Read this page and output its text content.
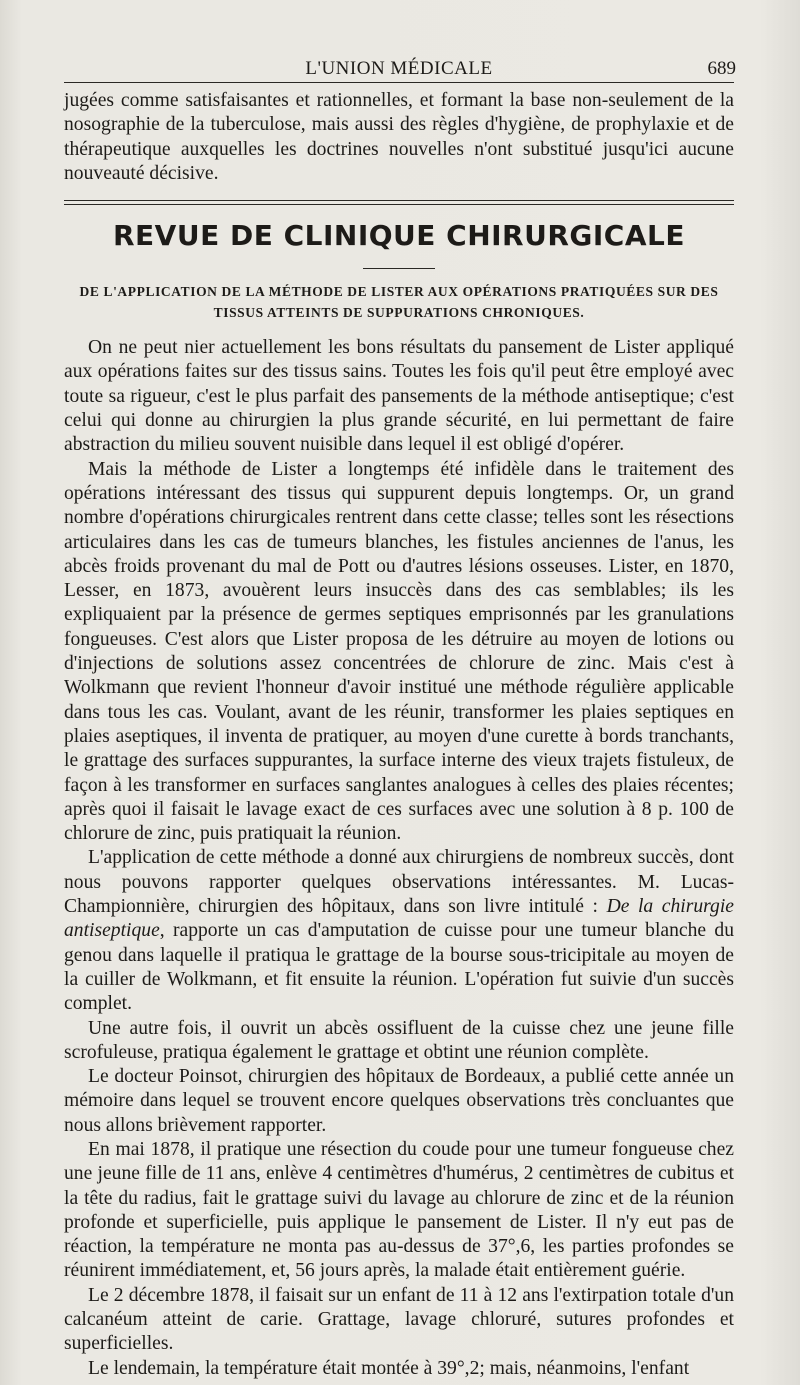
L'UNION MÉDICALE	689

jugées comme satisfaisantes et rationnelles, et formant la base non-seulement de la nosographie de la tuberculose, mais aussi des règles d'hygiène, de prophylaxie et de thérapeutique auxquelles les doctrines nouvelles n'ont substitué jusqu'ici aucune nouveauté décisive.

REVUE DE CLINIQUE CHIRURGICALE
DE L'APPLICATION DE LA MÉTHODE DE LISTER AUX OPÉRATIONS PRATIQUÉES SUR DES
TISSUS ATTEINTS DE SUPPURATIONS CHRONIQUES.

On ne peut nier actuellement les bons résultats du pansement de Lister appliqué aux opérations faites sur des tissus sains. Toutes les fois qu'il peut être employé avec toute sa rigueur, c'est le plus parfait des pansements de la méthode antiseptique; c'est celui qui donne au chirurgien la plus grande sécurité, en lui permettant de faire abstraction du milieu souvent nuisible dans lequel il est obligé d'opérer.

Mais la méthode de Lister a longtemps été infidèle dans le traitement des opérations intéressant des tissus qui suppurent depuis longtemps. Or, un grand nombre d'opérations chirurgicales rentrent dans cette classe; telles sont les résections articulaires dans les cas de tumeurs blanches, les fistules anciennes de l'anus, les abcès froids provenant du mal de Pott ou d'autres lésions osseuses. Lister, en 1870, Lesser, en 1873, avouèrent leurs insuccès dans des cas semblables; ils les expliquaient par la présence de germes septiques emprisonnés par les granulations fongueuses. C'est alors que Lister proposa de les détruire au moyen de lotions ou d'injections de solutions assez concentrées de chlorure de zinc. Mais c'est à Wolkmann que revient l'honneur d'avoir institué une méthode régulière applicable dans tous les cas. Voulant, avant de les réunir, transformer les plaies septiques en plaies aseptiques, il inventa de pratiquer, au moyen d'une curette à bords tranchants, le grattage des surfaces suppurantes, la surface interne des vieux trajets fistuleux, de façon à les transformer en surfaces sanglantes analogues à celles des plaies récentes; après quoi il faisait le lavage exact de ces surfaces avec une solution à 8 p. 100 de chlorure de zinc, puis pratiquait la réunion.

L'application de cette méthode a donné aux chirurgiens de nombreux succès, dont nous pouvons rapporter quelques observations intéressantes. M. Lucas-Championnière, chirurgien des hôpitaux, dans son livre intitulé : De la chirurgie antiseptique, rapporte un cas d'amputation de cuisse pour une tumeur blanche du genou dans laquelle il pratiqua le grattage de la bourse sous-tricipitale au moyen de la cuiller de Wolkmann, et fit ensuite la réunion. L'opération fut suivie d'un succès complet.

Une autre fois, il ouvrit un abcès ossifluent de la cuisse chez une jeune fille scrofuleuse, pratiqua également le grattage et obtint une réunion complète.

Le docteur Poinsot, chirurgien des hôpitaux de Bordeaux, a publié cette année un mémoire dans lequel se trouvent encore quelques observations très concluantes que nous allons brièvement rapporter.

En mai 1878, il pratique une résection du coude pour une tumeur fongueuse chez une jeune fille de 11 ans, enlève 4 centimètres d'humérus, 2 centimètres de cubitus et la tête du radius, fait le grattage suivi du lavage au chlorure de zinc et de la réunion profonde et superficielle, puis applique le pansement de Lister. Il n'y eut pas de réaction, la température ne monta pas au-dessus de 37°,6, les parties profondes se réunirent immédiatement, et, 56 jours après, la malade était entièrement guérie.

Le 2 décembre 1878, il faisait sur un enfant de 11 à 12 ans l'extirpation totale d'un calcanéum atteint de carie. Grattage, lavage chloruré, sutures profondes et superficielles.

Le lendemain, la température était montée à 39°,2; mais, néanmoins, l'enfant
